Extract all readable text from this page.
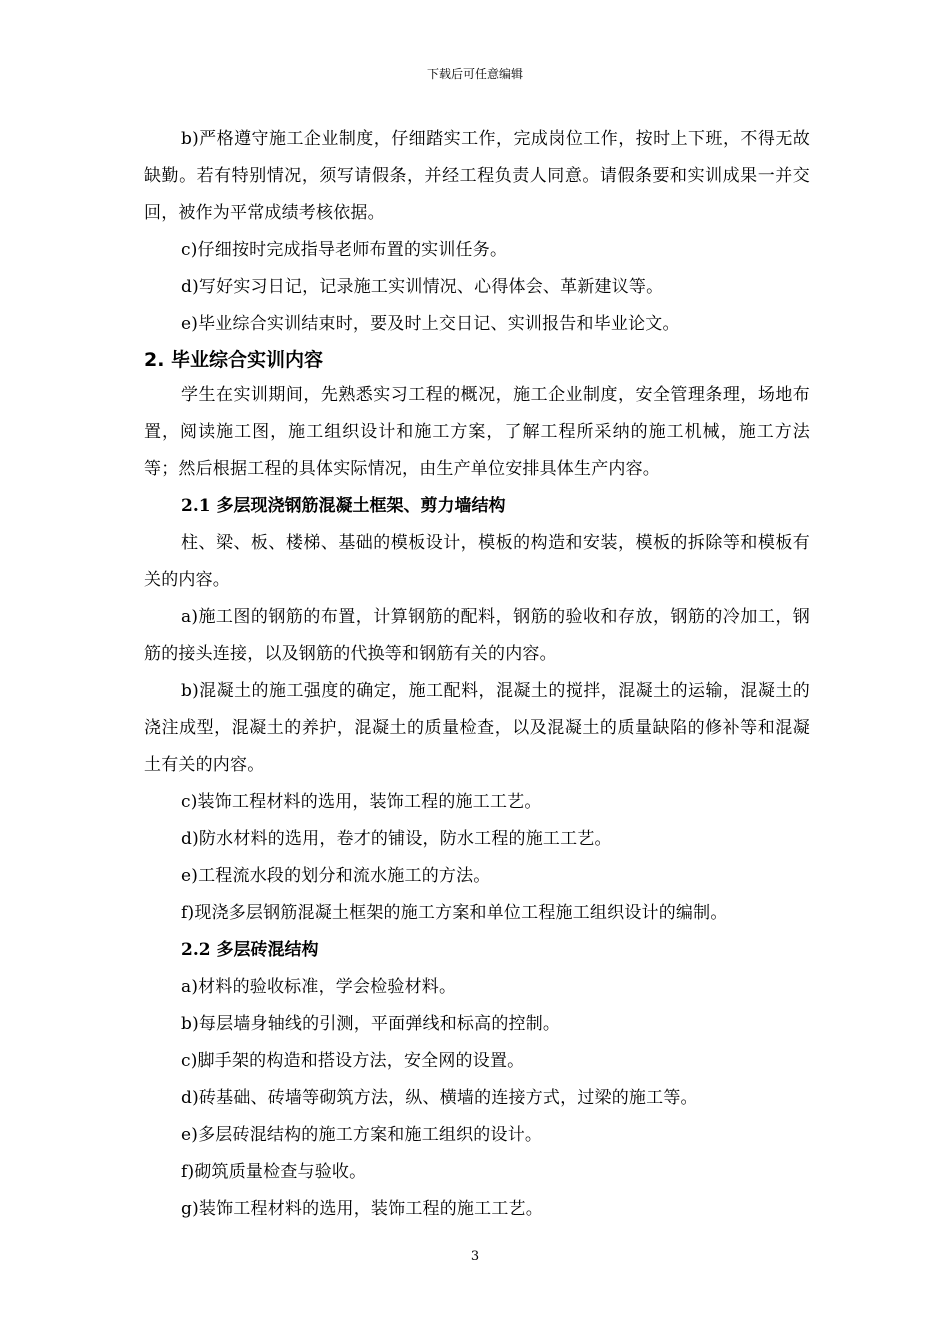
下载后可任意编辑

b)严格遵守施工企业制度，仔细踏实工作，完成岗位工作，按时上下班，不得无故缺勤。若有特别情况，须写请假条，并经工程负责人同意。请假条要和实训成果一并交回，被作为平常成绩考核依据。

c)仔细按时完成指导老师布置的实训任务。

d)写好实习日记，记录施工实训情况、心得体会、革新建议等。

e)毕业综合实训结束时，要及时上交日记、实训报告和毕业论文。

2. 毕业综合实训内容

学生在实训期间，先熟悉实习工程的概况，施工企业制度，安全管理条理，场地布置，阅读施工图，施工组织设计和施工方案，了解工程所采纳的施工机械，施工方法等；然后根据工程的具体实际情况，由生产单位安排具体生产内容。

2.1 多层现浇钢筋混凝土框架、剪力墙结构

柱、梁、板、楼梯、基础的模板设计，模板的构造和安装，模板的拆除等和模板有关的内容。

a)施工图的钢筋的布置，计算钢筋的配料，钢筋的验收和存放，钢筋的冷加工，钢筋的接头连接，以及钢筋的代换等和钢筋有关的内容。

b)混凝土的施工强度的确定，施工配料，混凝土的搅拌，混凝土的运输，混凝土的浇注成型，混凝土的养护，混凝土的质量检查，以及混凝土的质量缺陷的修补等和混凝土有关的内容。

c)装饰工程材料的选用，装饰工程的施工工艺。

d)防水材料的选用，卷才的铺设，防水工程的施工工艺。

e)工程流水段的划分和流水施工的方法。

f)现浇多层钢筋混凝土框架的施工方案和单位工程施工组织设计的编制。

2.2 多层砖混结构

a)材料的验收标准，学会检验材料。

b)每层墙身轴线的引测，平面弹线和标高的控制。

c)脚手架的构造和搭设方法，安全网的设置。

d)砖基础、砖墙等砌筑方法，纵、横墙的连接方式，过梁的施工等。

e)多层砖混结构的施工方案和施工组织的设计。

f)砌筑质量检查与验收。

g)装饰工程材料的选用，装饰工程的施工工艺。

3
